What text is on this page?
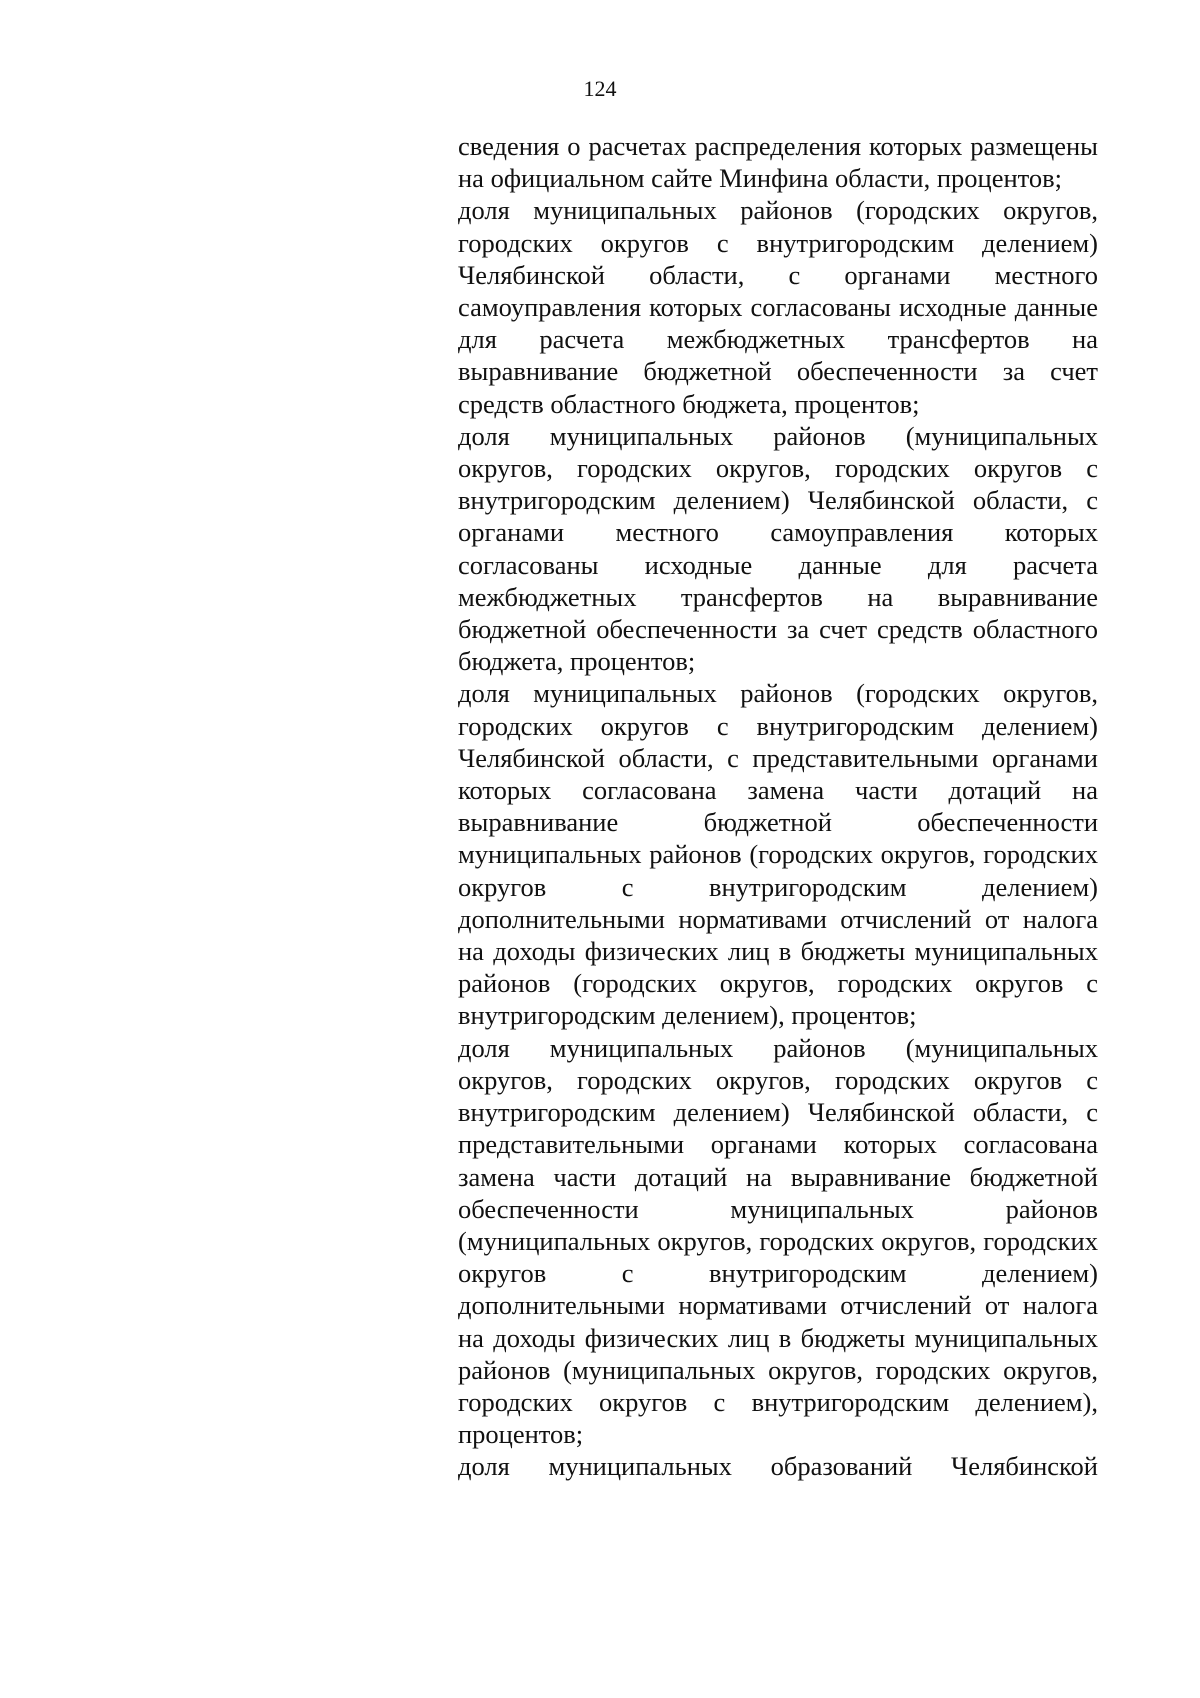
124

сведения о расчетах распределения которых размещены на официальном сайте Минфина области, процентов;

доля муниципальных районов (городских округов, городских округов с внутригородским делением) Челябинской области, с органами местного самоуправления которых согласованы исходные данные для расчета межбюджетных трансфертов на выравнивание бюджетной обеспеченности за счет средств областного бюджета, процентов;

доля муниципальных районов (муниципальных округов, городских округов, городских округов с внутригородским делением) Челябинской области, с органами местного самоуправления которых согласованы исходные данные для расчета межбюджетных трансфертов на выравнивание бюджетной обеспеченности за счет средств областного бюджета, процентов;

доля муниципальных районов (городских округов, городских округов с внутригородским делением) Челябинской области, с представительными органами которых согласована замена части дотаций на выравнивание бюджетной обеспеченности муниципальных районов (городских округов, городских округов с внутригородским делением) дополнительными нормативами отчислений от налога на доходы физических лиц в бюджеты муниципальных районов (городских округов, городских округов с внутригородским делением), процентов;

доля муниципальных районов (муниципальных округов, городских округов, городских округов с внутригородским делением) Челябинской области, с представительными органами которых согласована замена части дотаций на выравнивание бюджетной обеспеченности муниципальных районов (муниципальных округов, городских округов, городских округов с внутригородским делением) дополнительными нормативами отчислений от налога на доходы физических лиц в бюджеты муниципальных районов (муниципальных округов, городских округов, городских округов с внутригородским делением), процентов;

доля муниципальных образований Челябинской
